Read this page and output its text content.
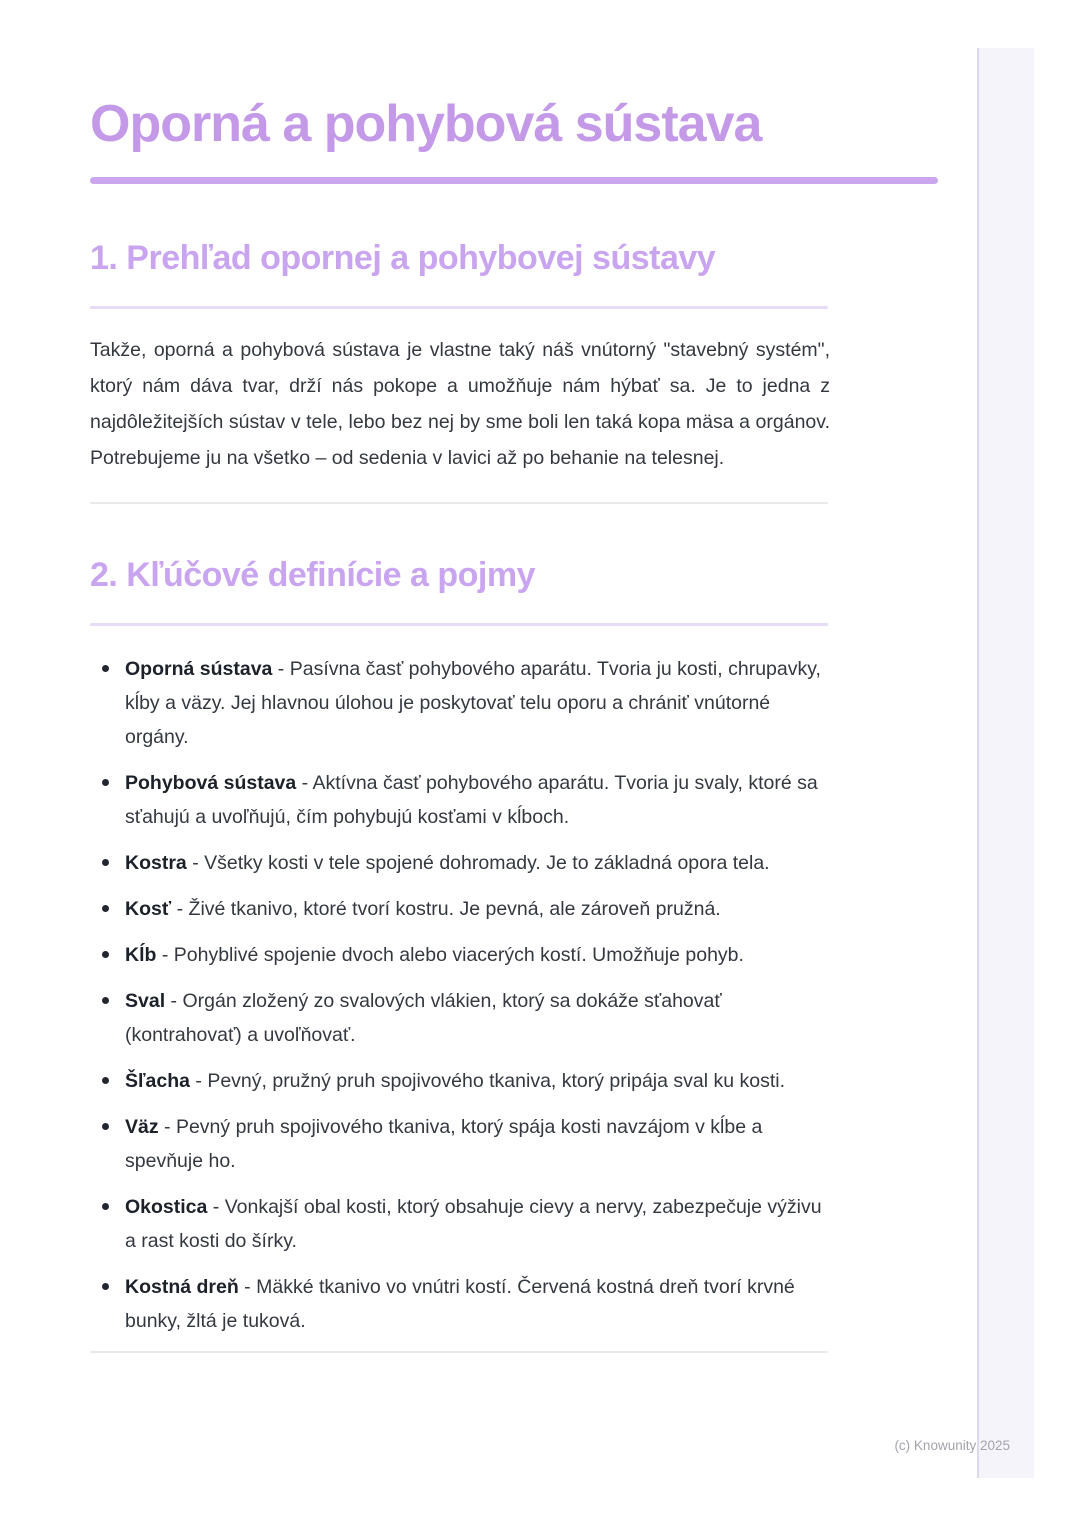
Oporná a pohybová sústava
1. Prehľad opornej a pohybovej sústavy

Takže, oporná a pohybová sústava je vlastne taký náš vnútorný "stavebný systém", ktorý nám dáva tvar, drží nás pokope a umožňuje nám hýbať sa. Je to jedna z najdôležitejších sústav v tele, lebo bez nej by sme boli len taká kopa mäsa a orgánov. Potrebujeme ju na všetko – od sedenia v lavici až po behanie na telesnej.

2. Kľúčové definície a pojmy
Oporná sústava - Pasívna časť pohybového aparátu. Tvoria ju kosti, chrupavky, kĺby a väzy. Jej hlavnou úlohou je poskytovať telu oporu a chrániť vnútorné orgány.
Pohybová sústava - Aktívna časť pohybového aparátu. Tvoria ju svaly, ktoré sa sťahujú a uvoľňujú, čím pohybujú kosťami v kĺboch.
Kostra - Všetky kosti v tele spojené dohromady. Je to základná opora tela.
Kosť - Živé tkanivo, ktoré tvorí kostru. Je pevná, ale zároveň pružná.
Kĺb - Pohyblivé spojenie dvoch alebo viacerých kostí. Umožňuje pohyb.
Sval - Orgán zložený zo svalových vlákien, ktorý sa dokáže sťahovať (kontrahovať) a uvoľňovať.
Šľacha - Pevný, pružný pruh spojivového tkaniva, ktorý pripája sval ku kosti.
Väz - Pevný pruh spojivového tkaniva, ktorý spája kosti navzájom v kĺbe a spevňuje ho.
Okostica - Vonkajší obal kosti, ktorý obsahuje cievy a nervy, zabezpečuje výživu a rast kosti do šírky.
Kostná dreň - Mäkké tkanivo vo vnútri kostí. Červená kostná dreň tvorí krvné bunky, žltá je tuková.
(c) Knowunity 2025
